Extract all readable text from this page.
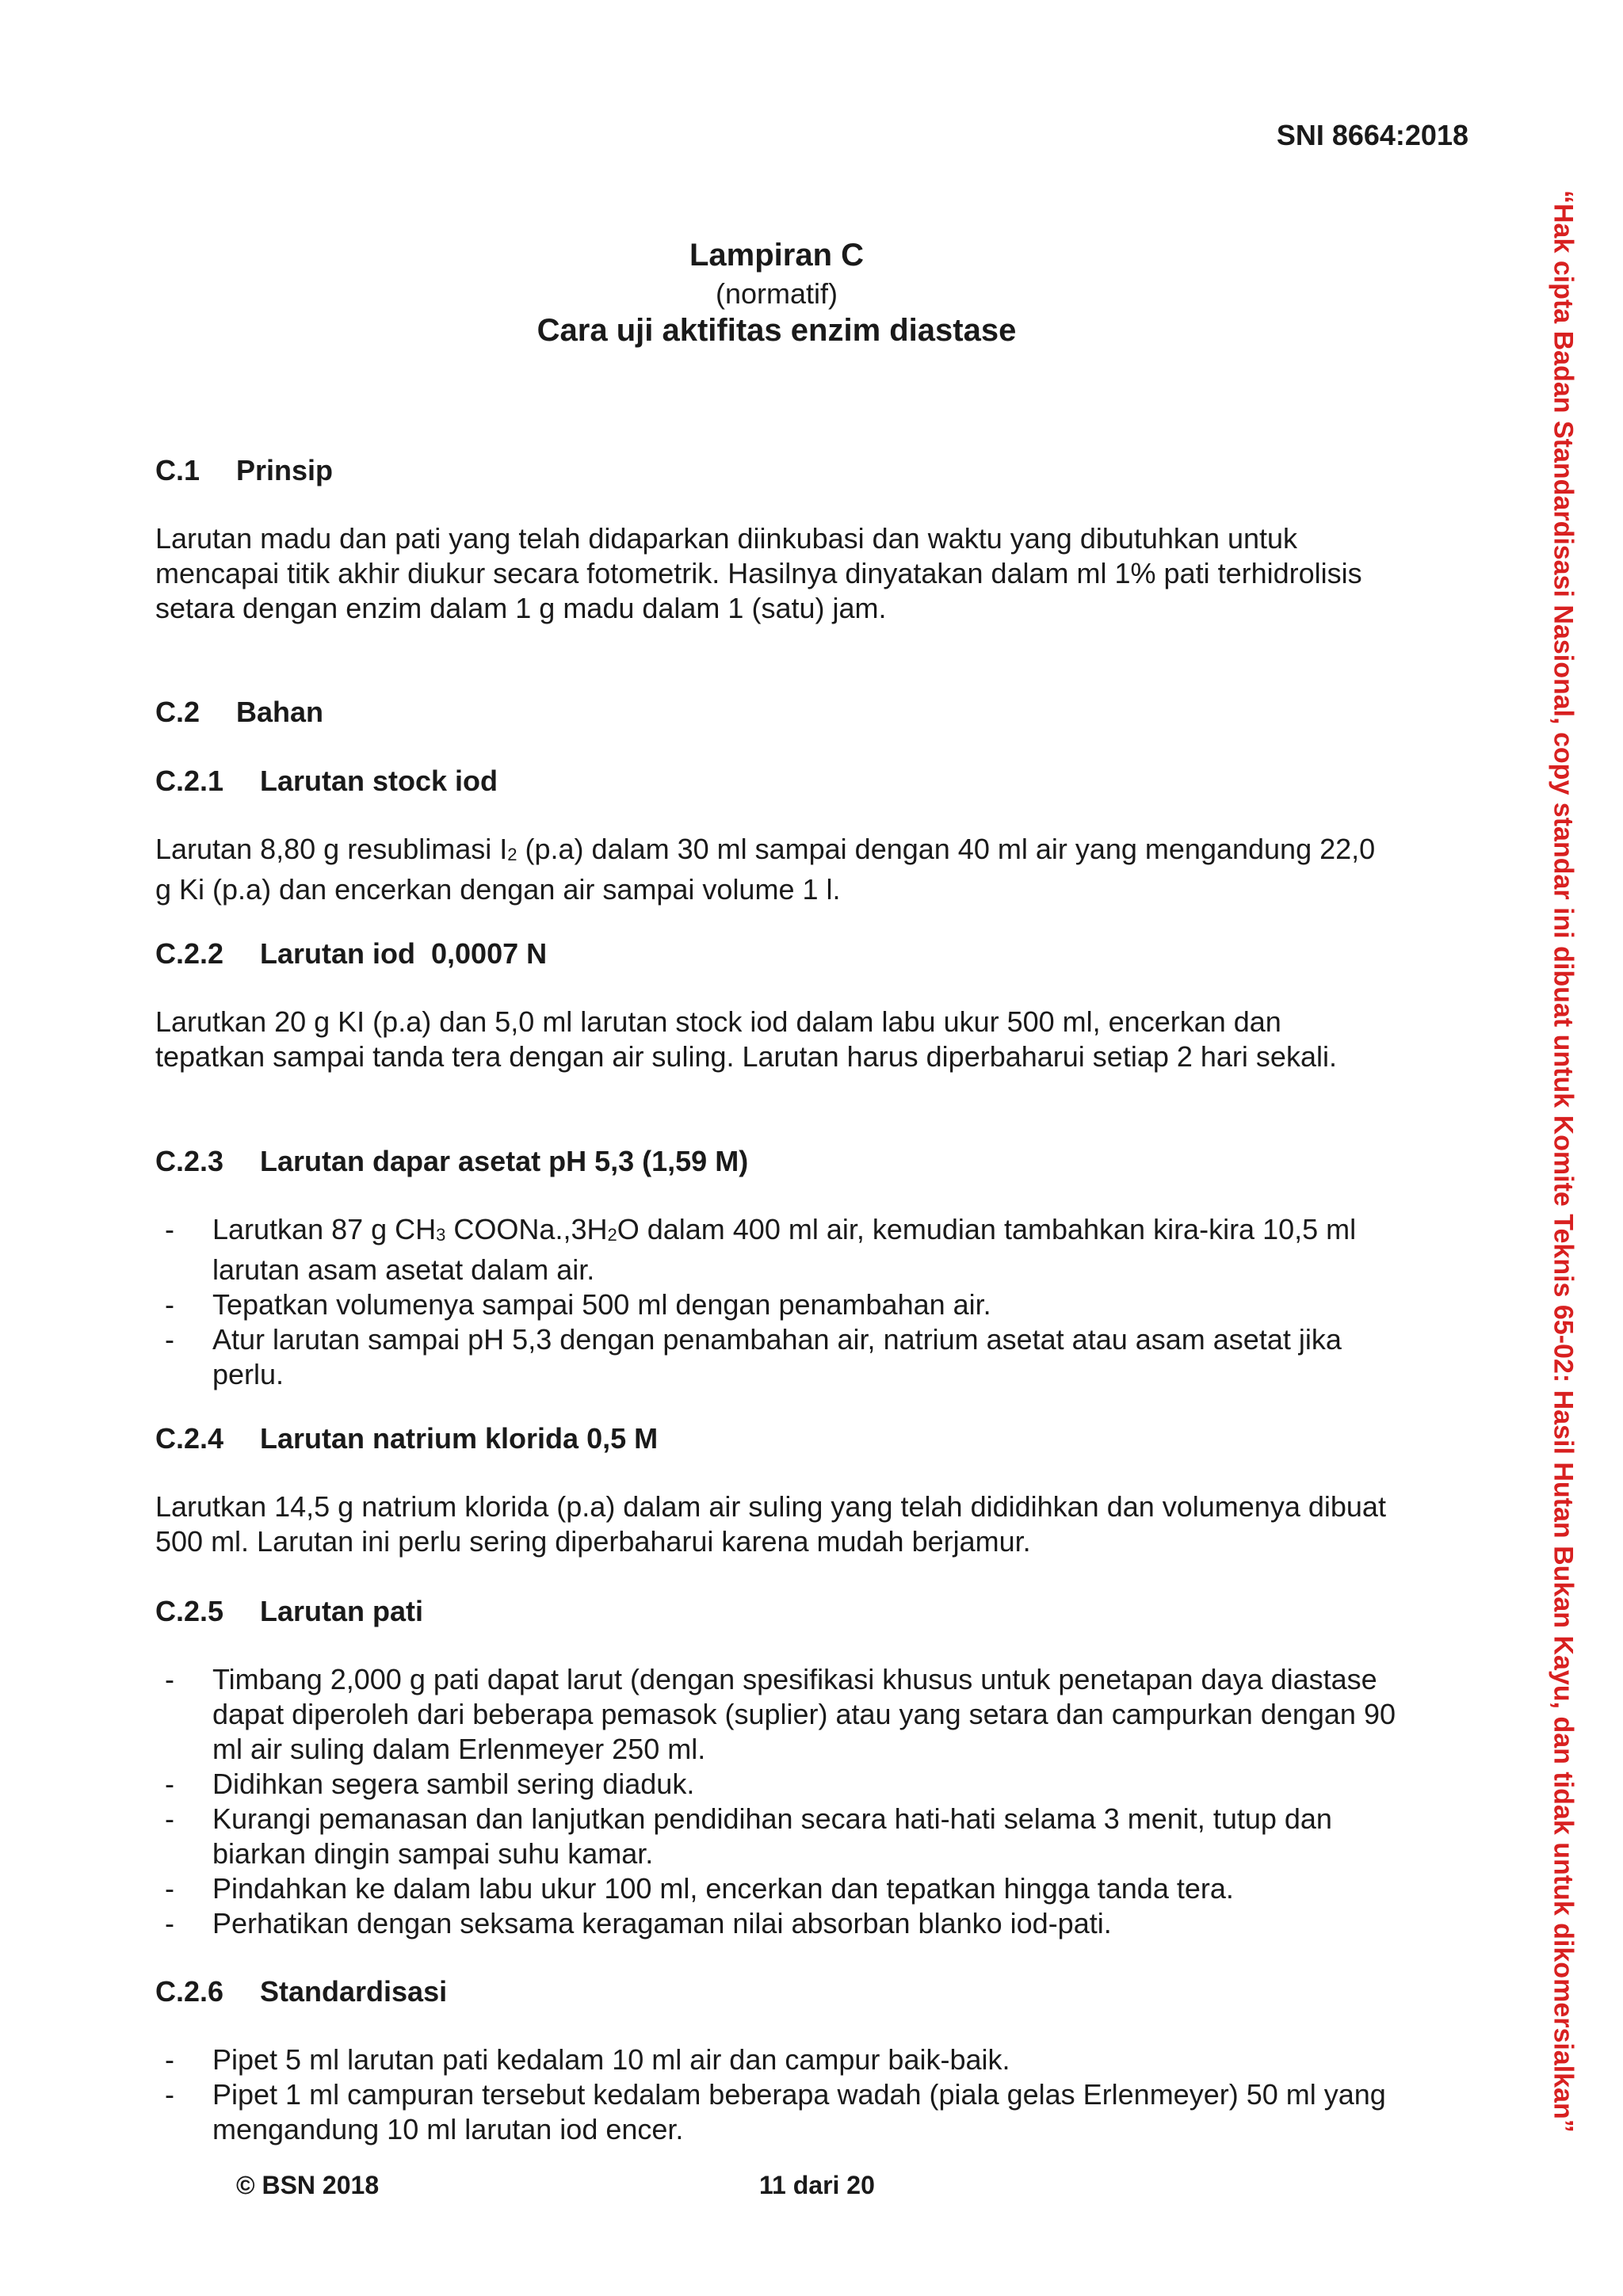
SNI 8664:2018
Lampiran C
(normatif)
Cara uji aktifitas enzim diastase
C.1 Prinsip
Larutan madu dan pati yang telah didaparkan diinkubasi dan waktu yang dibutuhkan untuk mencapai titik akhir diukur secara fotometrik. Hasilnya dinyatakan dalam ml 1% pati terhidrolisis setara dengan enzim dalam 1 g madu dalam 1 (satu) jam.
C.2 Bahan
C.2.1 Larutan stock iod
Larutan 8,80 g resublimasi $I_2$ (p.a) dalam 30 ml sampai dengan 40 ml air yang mengandung 22,0 g Ki (p.a) dan encerkan dengan air sampai volume 1 l.
C.2.2 Larutan iod  0,0007 N
Larutkan 20 g KI (p.a) dan 5,0 ml larutan stock iod dalam labu ukur 500 ml, encerkan dan tepatkan sampai tanda tera dengan air suling. Larutan harus diperbaharui setiap 2 hari sekali.
C.2.3 Larutan dapar asetat pH 5,3 (1,59 M)
- Larutkan 87 g $CH_3$ $COONa.,3H_2O$ dalam 400 ml air, kemudian tambahkan kira-kira 10,5 ml larutan asam asetat dalam air.
- Tepatkan volumenya sampai 500 ml dengan penambahan air.
- Atur larutan sampai pH 5,3 dengan penambahan air, natrium asetat atau asam asetat jika perlu.
C.2.4 Larutan natrium klorida 0,5 M
Larutkan 14,5 g natrium klorida (p.a) dalam air suling yang telah dididihkan dan volumenya dibuat 500 ml. Larutan ini perlu sering diperbaharui karena mudah berjamur.
C.2.5 Larutan pati
- Timbang 2,000 g pati dapat larut (dengan spesifikasi khusus untuk penetapan daya diastase dapat diperoleh dari beberapa pemasok (suplier) atau yang setara dan campurkan dengan 90 ml air suling dalam Erlenmeyer 250 ml.
- Didihkan segera sambil sering diaduk.
- Kurangi pemanasan dan lanjutkan pendidihan secara hati-hati selama 3 menit, tutup dan biarkan dingin sampai suhu kamar.
- Pindahkan ke dalam labu ukur 100 ml, encerkan dan tepatkan hingga tanda tera.
- Perhatikan dengan seksama keragaman nilai absorban blanko iod-pati.
C.2.6 Standardisasi
- Pipet 5 ml larutan pati kedalam 10 ml air dan campur baik-baik.
- Pipet 1 ml campuran tersebut kedalam beberapa wadah (piala gelas Erlenmeyer) 50 ml yang mengandung 10 ml larutan iod encer.
© BSN 2018	11 dari 20
“Hak cipta Badan Standardisasi Nasional, copy standar ini dibuat untuk Komite Teknis 65-02: Hasil Hutan Bukan Kayu, dan tidak untuk dikomersialkan”
